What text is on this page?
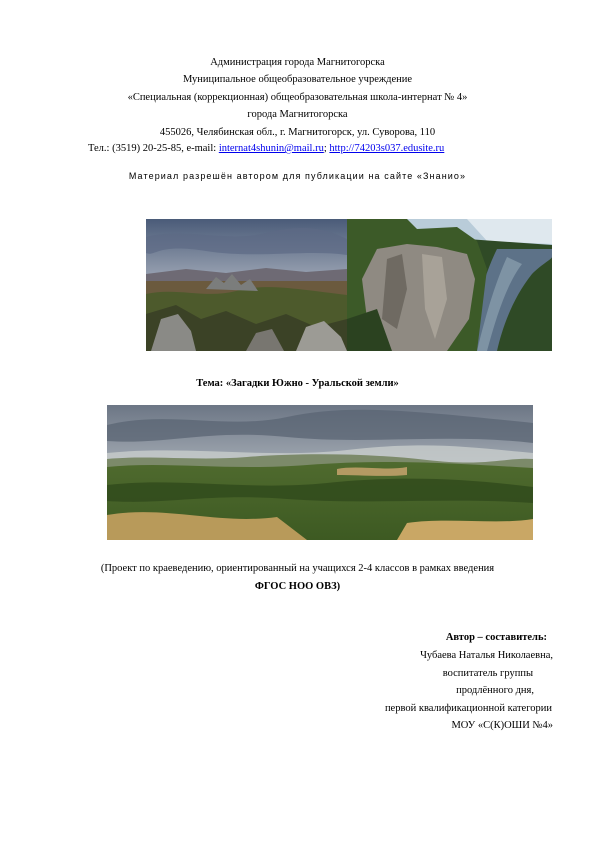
Администрация города Магнитогорска
Муниципальное общеобразовательное учреждение
«Специальная (коррекционная) общеобразовательная школа-интернат № 4»
города Магнитогорска
455026, Челябинская обл., г. Магнитогорск, ул. Суворова, 110
Тел.: (3519) 20-25-85, e-mail: internat4shunin@mail.ru; http://74203s037.edusite.ru
Материал разрешён автором для публикации на сайте «Знанио»
Тема: «Загадки Южно - Уральской земли»
(Проект по краеведению, ориентированный на учащихся 2-4 классов в рамках введения
ФГОС НОО ОВЗ)
Автор – составитель:
Чубаева Наталья Николаевна,
воспитатель группы
продлённого дня,
первой квалификационной категории
МОУ «С(К)ОШИ №4»
